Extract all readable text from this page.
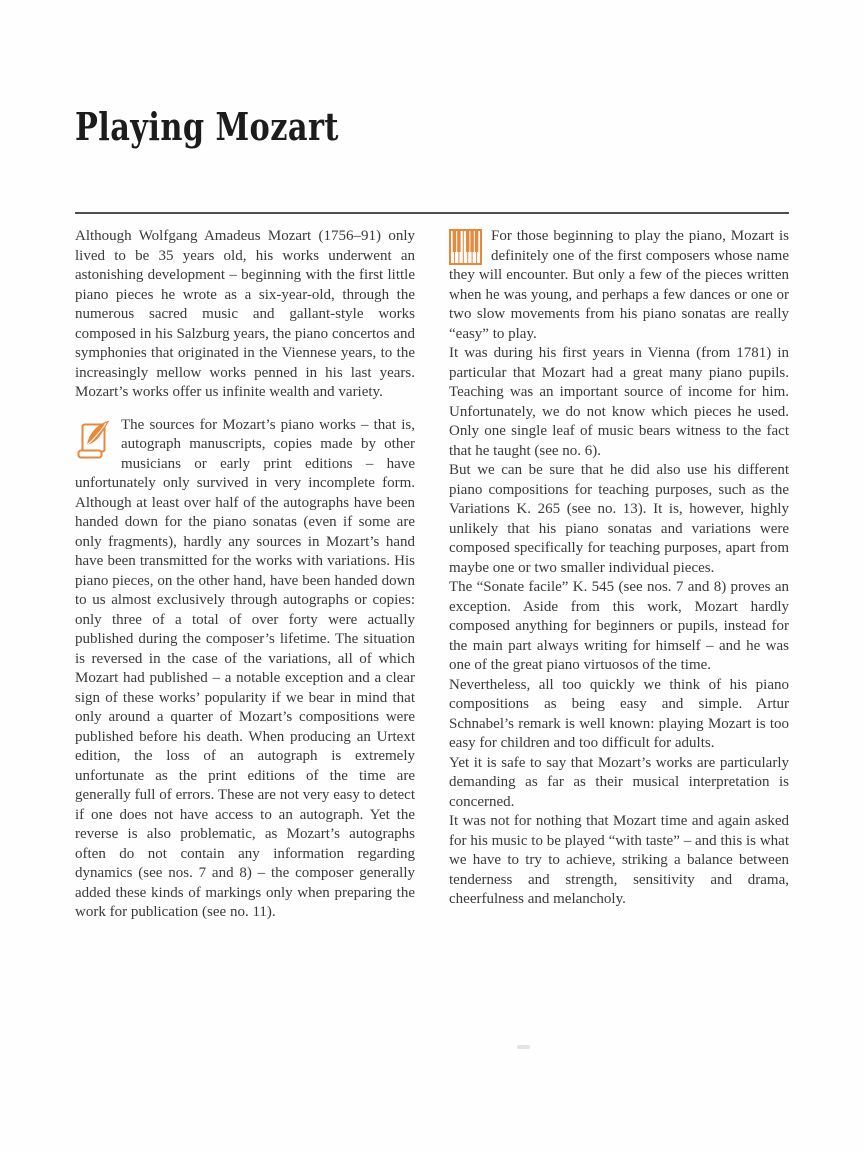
Playing Mozart

Although Wolfgang Amadeus Mozart (1756–91) only lived to be 35 years old, his works underwent an astonishing development – beginning with the first little piano pieces he wrote as a six-year-old, through the numerous sacred music and gallant-style works composed in his Salzburg years, the piano concertos and symphonies that originated in the Viennese years, to the increasingly mellow works penned in his last years. Mozart’s works offer us infinite wealth and variety.

The sources for Mozart’s piano works – that is, autograph manuscripts, copies made by other musicians or early print editions – have unfortunately only survived in very incomplete form. Although at least over half of the autographs have been handed down for the piano sonatas (even if some are only fragments), hardly any sources in Mozart’s hand have been transmitted for the works with variations. His piano pieces, on the other hand, have been handed down to us almost exclusively through autographs or copies: only three of a total of over forty were actually published during the composer’s lifetime. The situation is reversed in the case of the variations, all of which Mozart had published – a notable exception and a clear sign of these works’ popularity if we bear in mind that only around a quarter of Mozart’s compositions were published before his death. When producing an Urtext edition, the loss of an autograph is extremely unfortunate as the print editions of the time are generally full of errors. These are not very easy to detect if one does not have access to an autograph. Yet the reverse is also problematic, as Mozart’s autographs often do not contain any information regarding dynamics (see nos. 7 and 8) – the composer generally added these kinds of markings only when preparing the work for publication (see no. 11).

For those beginning to play the piano, Mozart is definitely one of the first composers whose name they will encounter. But only a few of the pieces written when he was young, and perhaps a few dances or one or two slow movements from his piano sonatas are really “easy” to play.

It was during his first years in Vienna (from 1781) in particular that Mozart had a great many piano pupils. Teaching was an important source of income for him. Unfortunately, we do not know which pieces he used. Only one single leaf of music bears witness to the fact that he taught (see no. 6).

But we can be sure that he did also use his different piano compositions for teaching purposes, such as the Variations K. 265 (see no. 13). It is, however, highly unlikely that his piano sonatas and variations were composed specifically for teaching purposes, apart from maybe one or two smaller individual pieces.

The “Sonate facile” K. 545 (see nos. 7 and 8) proves an exception. Aside from this work, Mozart hardly composed anything for beginners or pupils, instead for the main part always writing for himself – and he was one of the great piano virtuosos of the time.

Nevertheless, all too quickly we think of his piano compositions as being easy and simple. Artur Schnabel’s remark is well known: playing Mozart is too easy for children and too difficult for adults.

Yet it is safe to say that Mozart’s works are particularly demanding as far as their musical interpretation is concerned.

It was not for nothing that Mozart time and again asked for his music to be played “with taste” – and this is what we have to try to achieve, striking a balance between tenderness and strength, sensitivity and drama, cheerfulness and melancholy.
